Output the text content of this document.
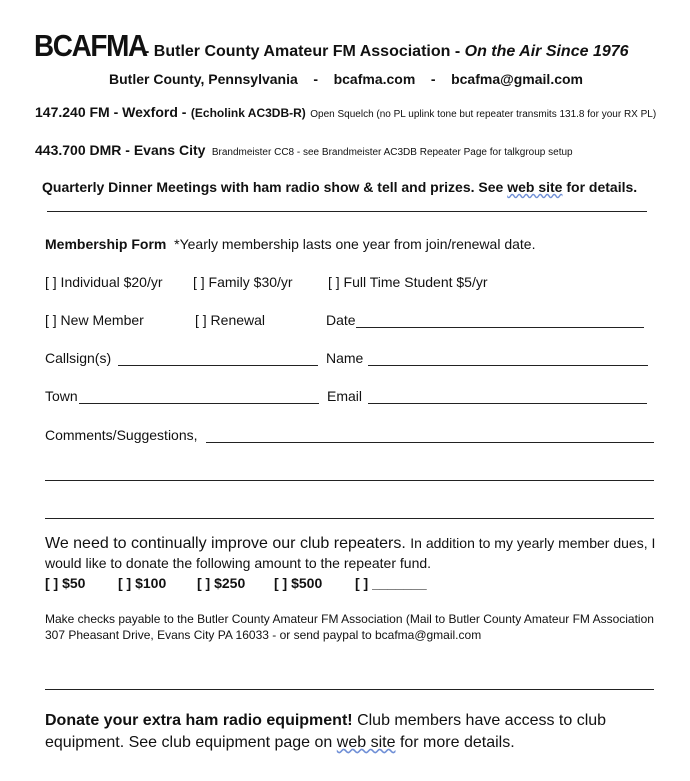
BCAFMA
- Butler County Amateur FM Association - On the Air Since 1976
Butler County, Pennsylvania - bcafma.com - bcafma@gmail.com
147.240 FM - Wexford - (Echolink AC3DB-R) Open Squelch (no PL uplink tone but repeater transmits 131.8 for your RX PL)
443.700 DMR - Evans City Brandmeister CC8 - see Brandmeister AC3DB Repeater Page for talkgroup setup
Quarterly Dinner Meetings with ham radio show & tell and prizes. See web site for details.
Membership Form *Yearly membership lasts one year from join/renewal date.
[ ] Individual $20/yr [ ] Family $30/yr	[ ] Full Time Student $5/yr
[ ] New Member	[ ] Renewal	Date
Callsign(s)	Name
Town	Email
Comments/Suggestions,
We need to continually improve our club repeaters. In addition to my yearly member dues, I
would like to donate the following amount to the repeater fund.
[ ] $50 [ ] $100 [ ] $250 [ ] $500 [ ] _______
Make checks payable to the Butler County Amateur FM Association (Mail to Butler County Amateur FM Association
307 Pheasant Drive, Evans City PA 16033 - or send paypal to bcafma@gmail.com
Donate your extra ham radio equipment! Club members have access to club
equipment. See club equipment page on web site for more details.
